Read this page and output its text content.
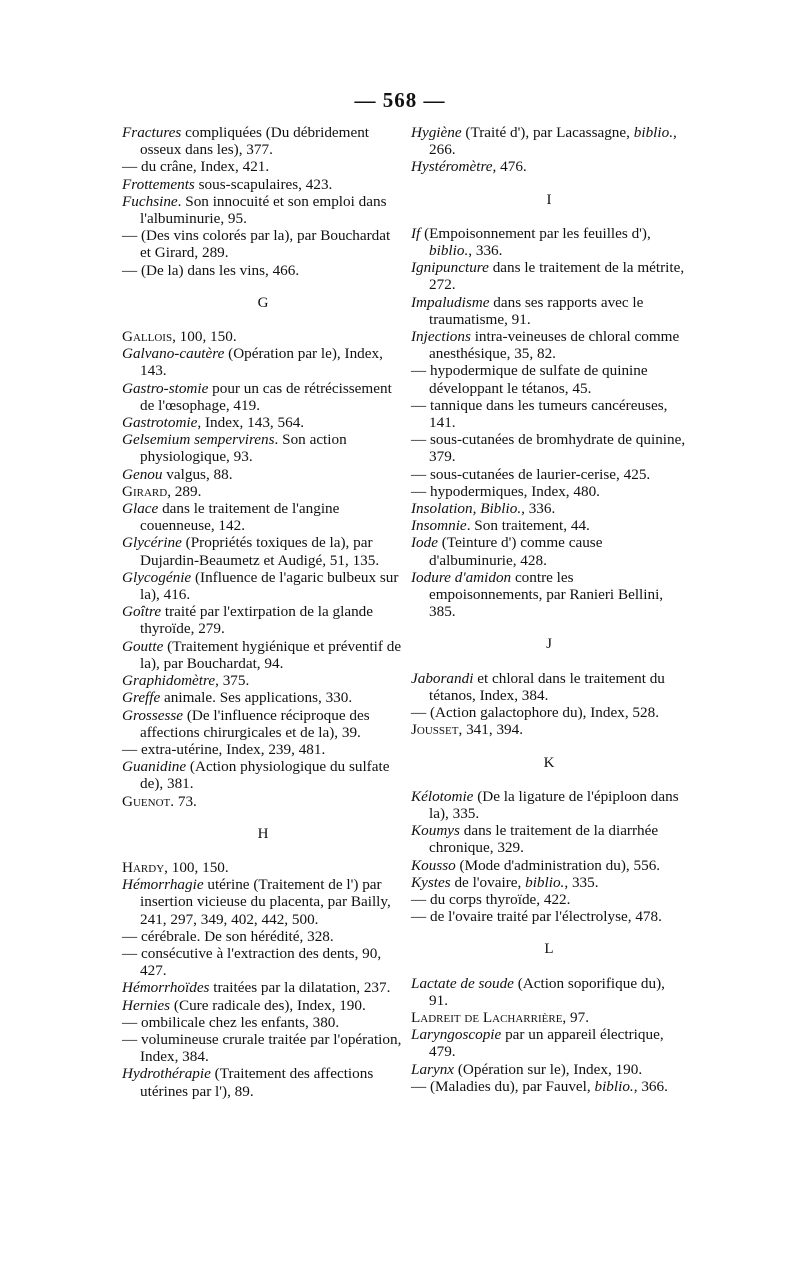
— 568 —

Fractures compliquées (Du débridement osseux dans les), 377.

— du crâne, Index, 421.

Frottements sous-scapulaires, 423.

Fuchsine. Son innocuité et son emploi dans l'albuminurie, 95.

— (Des vins colorés par la), par Bouchardat et Girard, 289.

— (De la) dans les vins, 466.

G

Gallois, 100, 150.

Galvano-cautère (Opération par le), Index, 143.

Gastro-stomie pour un cas de rétrécissement de l'œsophage, 419.

Gastrotomie, Index, 143, 564.

Gelsemium sempervirens. Son action physiologique, 93.

Genou valgus, 88.

Girard, 289.

Glace dans le traitement de l'angine couenneuse, 142.

Glycérine (Propriétés toxiques de la), par Dujardin-Beaumetz et Audigé, 51, 135.

Glycogénie (Influence de l'agaric bulbeux sur la), 416.

Goître traité par l'extirpation de la glande thyroïde, 279.

Goutte (Traitement hygiénique et préventif de la), par Bouchardat, 94.

Graphidomètre, 375.

Greffe animale. Ses applications, 330.

Grossesse (De l'influence réciproque des affections chirurgicales et de la), 39.

— extra-utérine, Index, 239, 481.

Guanidine (Action physiologique du sulfate de), 381.

Guenot. 73.

H

Hardy, 100, 150.

Hémorrhagie utérine (Traitement de l') par insertion vicieuse du placenta, par Bailly, 241, 297, 349, 402, 442, 500.

— cérébrale. De son hérédité, 328.

— consécutive à l'extraction des dents, 90, 427.

Hémorrhoïdes traitées par la dilatation, 237.

Hernies (Cure radicale des), Index, 190.

— ombilicale chez les enfants, 380.

— volumineuse crurale traitée par l'opération, Index, 384.

Hydrothérapie (Traitement des affections utérines par l'), 89.

Hygiène (Traité d'), par Lacassagne, biblio., 266.

Hystéromètre, 476.

I

If (Empoisonnement par les feuilles d'), biblio., 336.

Ignipuncture dans le traitement de la métrite, 272.

Impaludisme dans ses rapports avec le traumatisme, 91.

Injections intra-veineuses de chloral comme anesthésique, 35, 82.

— hypodermique de sulfate de quinine développant le tétanos, 45.

— tannique dans les tumeurs cancéreuses, 141.

— sous-cutanées de bromhydrate de quinine, 379.

— sous-cutanées de laurier-cerise, 425.

— hypodermiques, Index, 480.

Insolation, Biblio., 336.

Insomnie. Son traitement, 44.

Iode (Teinture d') comme cause d'albuminurie, 428.

Iodure d'amidon contre les empoisonnements, par Ranieri Bellini, 385.

J

Jaborandi et chloral dans le traitement du tétanos, Index, 384.

— (Action galactophore du), Index, 528.

Jousset, 341, 394.

K

Kélotomie (De la ligature de l'épiploon dans la), 335.

Koumys dans le traitement de la diarrhée chronique, 329.

Kousso (Mode d'administration du), 556.

Kystes de l'ovaire, biblio., 335.

— du corps thyroïde, 422.

— de l'ovaire traité par l'électrolyse, 478.

L

Lactate de soude (Action soporifique du), 91.

Ladreit de Lacharrière, 97.

Laryngoscopie par un appareil électrique, 479.

Larynx (Opération sur le), Index, 190.

— (Maladies du), par Fauvel, biblio., 366.
